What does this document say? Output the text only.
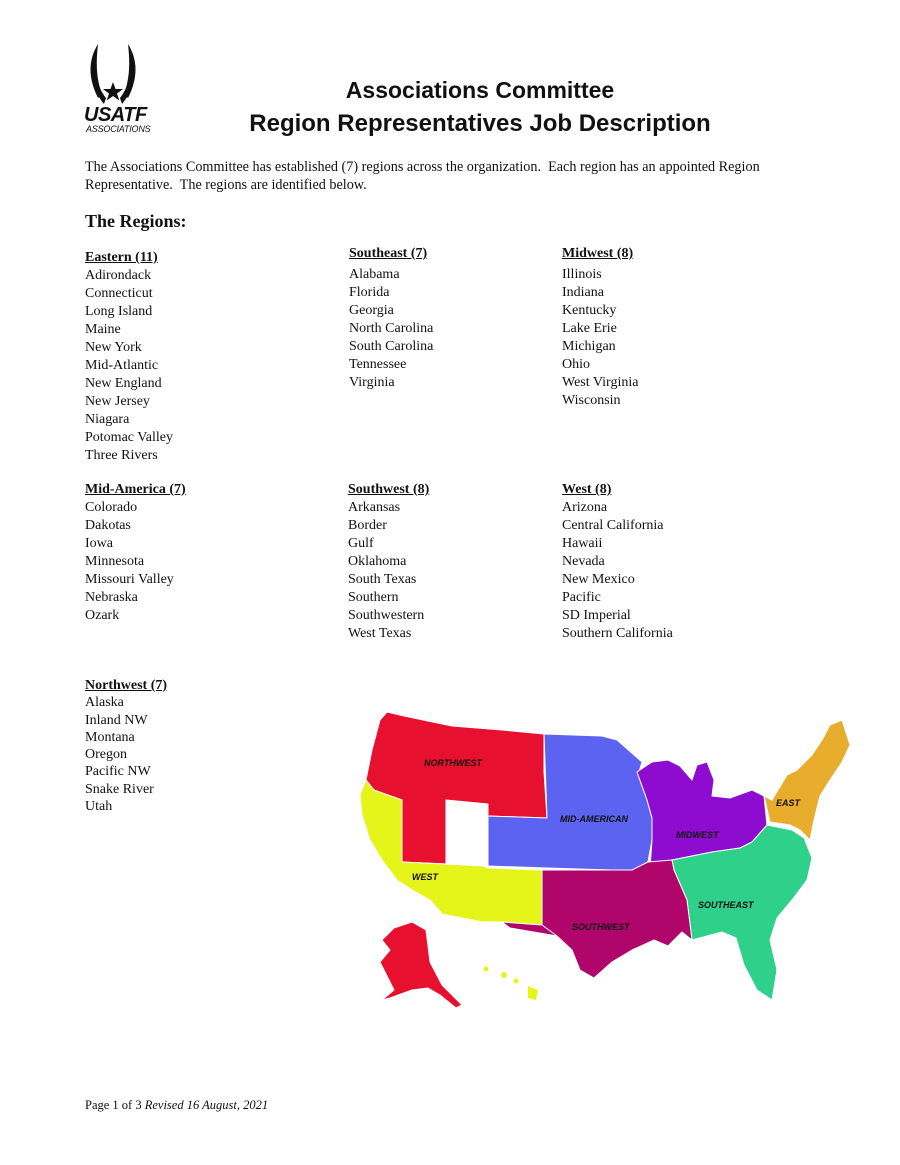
USATF
ASSOCIATIONS
Associations Committee
Region Representatives Job Description
The Associations Committee has established (7) regions across the organization.  Each region has an appointed Region  Representative.  The regions are identified below.
The Regions:
Eastern (11)
Adirondack
Connecticut
Long Island
Maine
New York
Mid-Atlantic
New England
New Jersey
Niagara
Potomac Valley
Three Rivers
Southeast (7)
Alabama
Florida
Georgia
North Carolina
South Carolina
Tennessee
Virginia
Midwest (8)
Illinois
Indiana
Kentucky
Lake Erie
Michigan
Ohio
West Virginia
Wisconsin
Mid-America (7)
Colorado
Dakotas
Iowa
Minnesota
Missouri Valley
Nebraska
Ozark
Southwest (8)
Arkansas
Border
Gulf
Oklahoma
South Texas
Southern
Southwestern
West Texas
West (8)
Arizona
Central California
Hawaii
Nevada
New Mexico
Pacific
SD Imperial
Southern California
Northwest (7)
Alaska
Inland NW
Montana
Oregon
Pacific NW
Snake River
Utah
NORTHWEST
MID-AMERICAN
MIDWEST
EAST
WEST
SOUTHWEST
SOUTHEAST
Page 1 of 3 Revised 16 August, 2021
